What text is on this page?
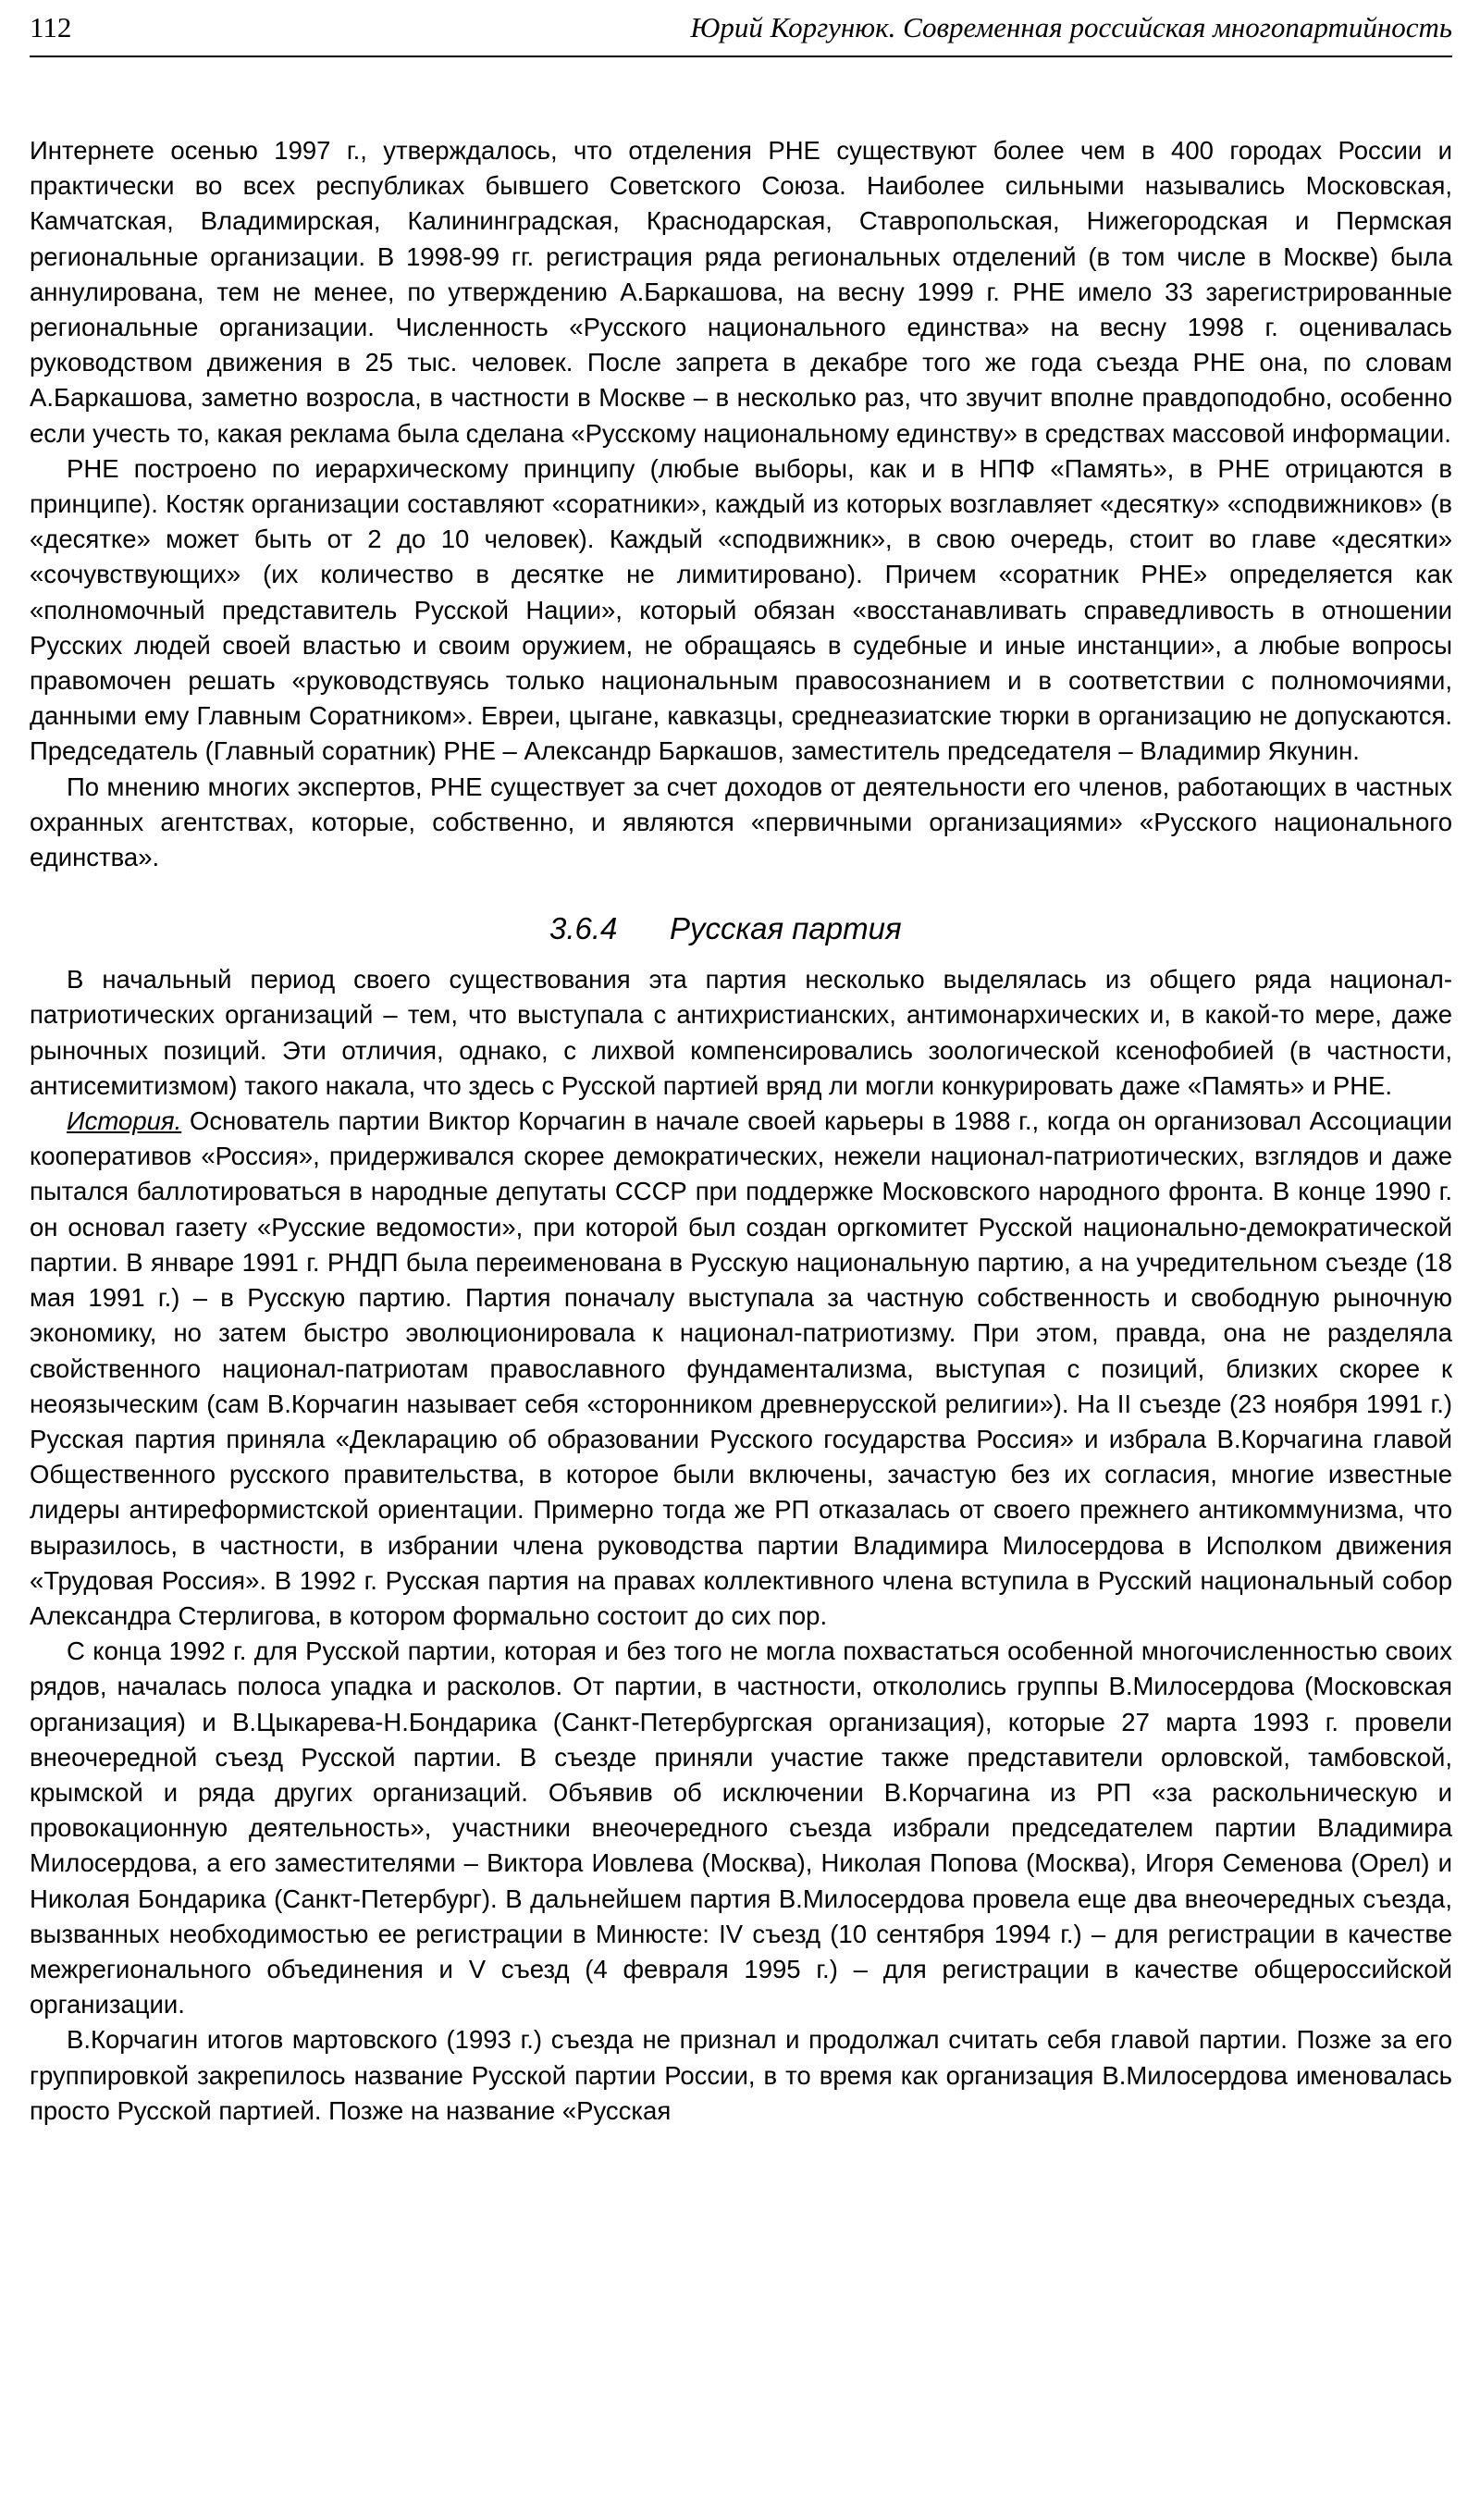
112	Юрий Коргунюк. Современная российская многопартийность

Интернете осенью 1997 г., утверждалось, что отделения РНЕ существуют более чем в 400 городах России и практически во всех республиках бывшего Советского Союза. Наиболее сильными назывались Московская, Камчатская, Владимирская, Калининградская, Краснодарская, Ставропольская, Нижегородская и Пермская региональные организации. В 1998-99 гг. регистрация ряда региональных отделений (в том числе в Москве) была аннулирована, тем не менее, по утверждению А.Баркашова, на весну 1999 г. РНЕ имело 33 зарегистрированные региональные организации. Численность «Русского национального единства» на весну 1998 г. оценивалась руководством движения в 25 тыс. человек. После запрета в декабре того же года съезда РНЕ она, по словам А.Баркашова, заметно возросла, в частности в Москве – в несколько раз, что звучит вполне правдоподобно, особенно если учесть то, какая реклама была сделана «Русскому национальному единству» в средствах массовой информации.

РНЕ построено по иерархическому принципу (любые выборы, как и в НПФ «Память», в РНЕ отрицаются в принципе). Костяк организации составляют «соратники», каждый из которых возглавляет «десятку» «сподвижников» (в «десятке» может быть от 2 до 10 человек). Каждый «сподвижник», в свою очередь, стоит во главе «десятки» «сочувствующих» (их количество в десятке не лимитировано). Причем «соратник РНЕ» определяется как «полномочный представитель Русской Нации», который обязан «восстанавливать справедливость в отношении Русских людей своей властью и своим оружием, не обращаясь в судебные и иные инстанции», а любые вопросы правомочен решать «руководствуясь только национальным правосознанием и в соответствии с полномочиями, данными ему Главным Соратником». Евреи, цыгане, кавказцы, среднеазиатские тюрки в организацию не допускаются. Председатель (Главный соратник) РНЕ – Александр Баркашов, заместитель председателя – Владимир Якунин.

По мнению многих экспертов, РНЕ существует за счет доходов от деятельности его членов, работающих в частных охранных агентствах, которые, собственно, и являются «первичными организациями» «Русского национального единства».

3.6.4 Русская партия

В начальный период своего существования эта партия несколько выделялась из общего ряда национал-патриотических организаций – тем, что выступала с антихристианских, антимонархических и, в какой-то мере, даже рыночных позиций. Эти отличия, однако, с лихвой компенсировались зоологической ксенофобией (в частности, антисемитизмом) такого накала, что здесь с Русской партией вряд ли могли конкурировать даже «Память» и РНЕ.

История. Основатель партии Виктор Корчагин в начале своей карьеры в 1988 г., когда он организовал Ассоциации кооперативов «Россия», придерживался скорее демократических, нежели национал-патриотических, взглядов и даже пытался баллотироваться в народные депутаты СССР при поддержке Московского народного фронта. В конце 1990 г. он основал газету «Русские ведомости», при которой был создан оргкомитет Русской национально-демократической партии. В январе 1991 г. РНДП была переименована в Русскую национальную партию, а на учредительном съезде (18 мая 1991 г.) – в Русскую партию. Партия поначалу выступала за частную собственность и свободную рыночную экономику, но затем быстро эволюционировала к национал-патриотизму. При этом, правда, она не разделяла свойственного национал-патриотам православного фундаментализма, выступая с позиций, близких скорее к неоязыческим (сам В.Корчагин называет себя «сторонником древнерусской религии»). На II съезде (23 ноября 1991 г.) Русская партия приняла «Декларацию об образовании Русского государства Россия» и избрала В.Корчагина главой Общественного русского правительства, в которое были включены, зачастую без их согласия, многие известные лидеры антиреформистской ориентации. Примерно тогда же РП отказалась от своего прежнего антикоммунизма, что выразилось, в частности, в избрании члена руководства партии Владимира Милосердова в Исполком движения «Трудовая Россия». В 1992 г. Русская партия на правах коллективного члена вступила в Русский национальный собор Александра Стерлигова, в котором формально состоит до сих пор.

С конца 1992 г. для Русской партии, которая и без того не могла похвастаться особенной многочисленностью своих рядов, началась полоса упадка и расколов. От партии, в частности, откололись группы В.Милосердова (Московская организация) и В.Цыкарева-Н.Бондарика (Санкт-Петербургская организация), которые 27 марта 1993 г. провели внеочередной съезд Русской партии. В съезде приняли участие также представители орловской, тамбовской, крымской и ряда других организаций. Объявив об исключении В.Корчагина из РП «за раскольническую и провокационную деятельность», участники внеочередного съезда избрали председателем партии Владимира Милосердова, а его заместителями – Виктора Иовлева (Москва), Николая Попова (Москва), Игоря Семенова (Орел) и Николая Бондарика (Санкт-Петербург). В дальнейшем партия В.Милосердова провела еще два внеочередных съезда, вызванных необходимостью ее регистрации в Минюсте: IV съезд (10 сентября 1994 г.) – для регистрации в качестве межрегионального объединения и V съезд (4 февраля 1995 г.) – для регистрации в качестве общероссийской организации.

В.Корчагин итогов мартовского (1993 г.) съезда не признал и продолжал считать себя главой партии. Позже за его группировкой закрепилось название Русской партии России, в то время как организация В.Милосердова именовалась просто Русской партией. Позже на название «Русская
